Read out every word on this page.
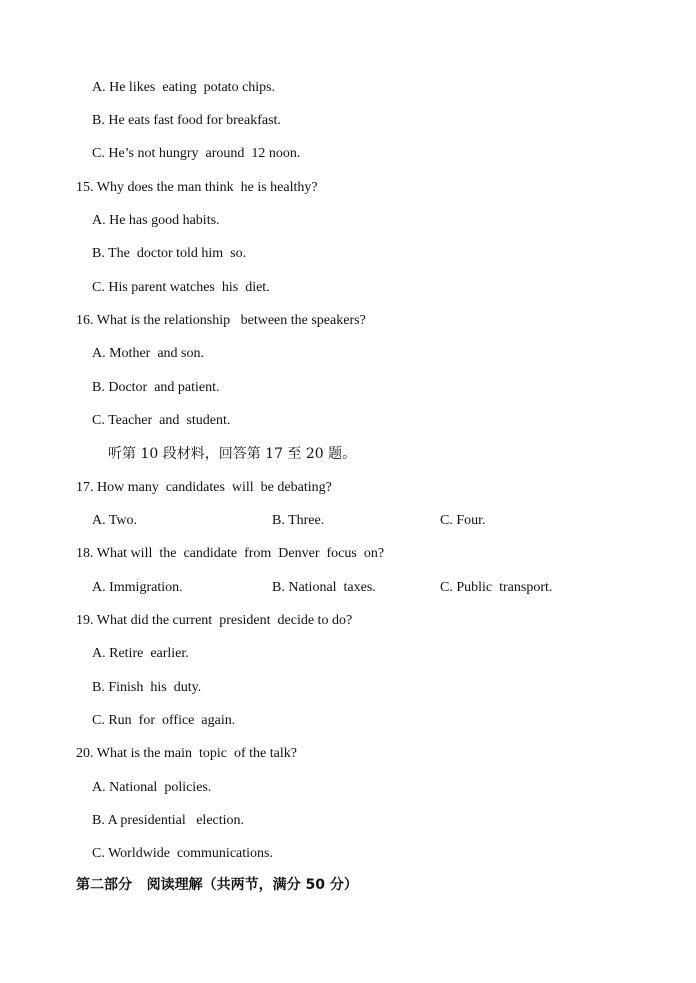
A. He likes  eating  potato chips.
B. He eats fast food for breakfast.
C. He’s not hungry  around  12 noon.
15. Why does the man think  he is healthy?
A. He has good habits.
B. The  doctor told him  so.
C. His parent watches  his  diet.
16. What is the relationship   between the speakers?
A. Mother  and son.
B. Doctor  and patient.
C. Teacher  and  student.
听第 10 段材料，回答第 17 至 20 题。
17. How many  candidates  will  be debating?
A. Two.	B. Three.	C. Four.
18. What will  the  candidate  from  Denver  focus  on?
A. Immigration.	B. National  taxes.	C. Public  transport.
19. What did the current  president  decide to do?
A. Retire  earlier.
B. Finish  his  duty.
C. Run  for  office  again.
20. What is the main  topic  of the talk?
A. National  policies.
B. A presidential   election.
C. Worldwide  communications.
第二部分   阅读理解（共两节，满分 50 分）
